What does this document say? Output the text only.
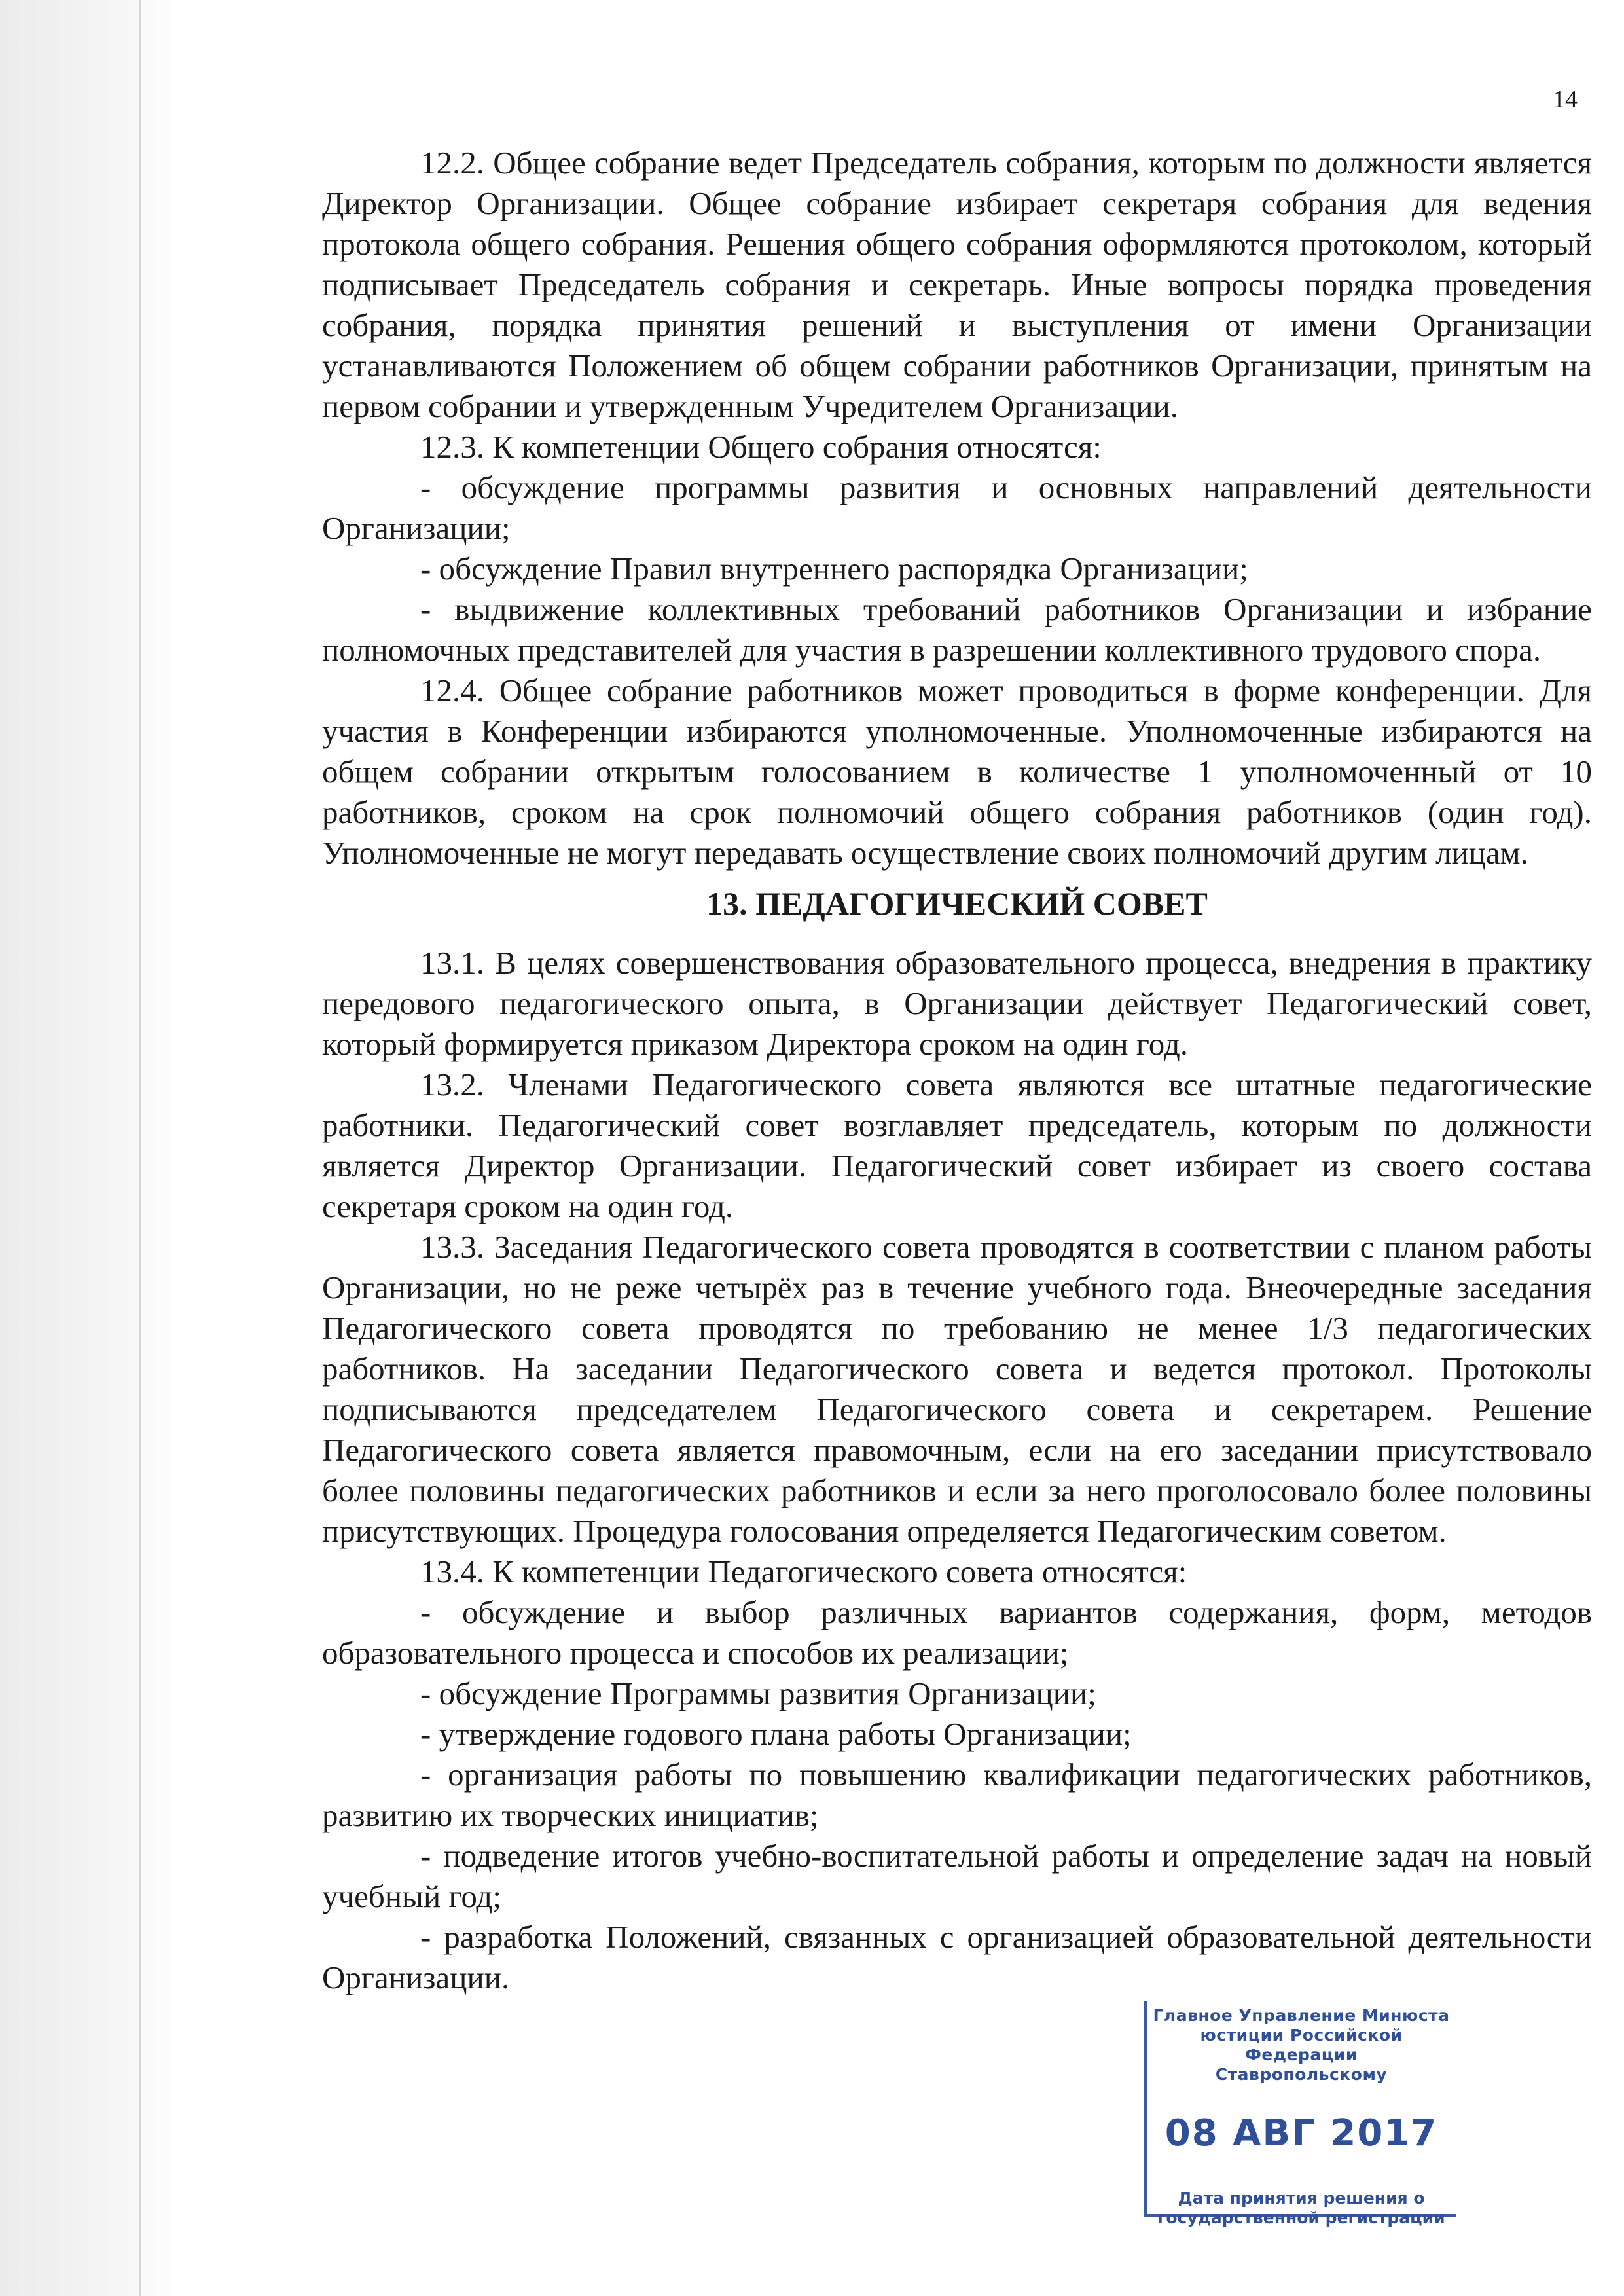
14

12.2. Общее собрание ведет Председатель собрания, которым по должности является Директор Организации. Общее собрание избирает секретаря собрания для ведения протокола общего собрания. Решения общего собрания оформляются протоколом, который подписывает Председатель собрания и секретарь. Иные вопросы порядка проведения собрания, порядка принятия решений и выступления от имени Организации устанавливаются Положением об общем собрании работников Организации, принятым на первом собрании и утвержденным Учредителем Организации.

12.3. К компетенции Общего собрания относятся:

- обсуждение программы развития и основных направлений деятельности Организации;

- обсуждение Правил внутреннего распорядка Организации;

- выдвижение коллективных требований работников Организации и избрание полномочных представителей для участия в разрешении коллективного трудового спора.

12.4. Общее собрание работников может проводиться в форме конференции. Для участия в Конференции избираются уполномоченные. Уполномоченные избираются на общем собрании открытым голосованием в количестве 1 уполномоченный от 10 работников, сроком на срок полномочий общего собрания работников (один год). Уполномоченные не могут передавать осуществление своих полномочий другим лицам.

13. ПЕДАГОГИЧЕСКИЙ СОВЕТ

13.1. В целях совершенствования образовательного процесса, внедрения в практику передового педагогического опыта, в Организации действует Педагогический совет, который формируется приказом Директора сроком на один год.

13.2. Членами Педагогического совета являются все штатные педагогические работники. Педагогический совет возглавляет председатель, которым по должности является Директор Организации. Педагогический совет избирает из своего состава секретаря сроком на один год.

13.3. Заседания Педагогического совета проводятся в соответствии с планом работы Организации, но не реже четырёх раз в течение учебного года. Внеочередные заседания Педагогического совета проводятся по требованию не менее 1/3 педагогических работников. На заседании Педагогического совета и ведется протокол. Протоколы подписываются председателем Педагогического совета и секретарем. Решение Педагогического совета является правомочным, если на его заседании присутствовало более половины педагогических работников и если за него проголосовало более половины присутствующих. Процедура голосования определяется Педагогическим советом.

13.4. К компетенции Педагогического совета относятся:

- обсуждение и выбор различных вариантов содержания, форм, методов образовательного процесса и способов их реализации;

- обсуждение Программы развития Организации;

- утверждение годового плана работы Организации;

- организация работы по повышению квалификации педагогических работников, развитию их творческих инициатив;

- подведение итогов учебно-воспитательной работы и определение задач на новый учебный год;

- разработка Положений, связанных с организацией образовательной деятельности Организации.

Главное Управление Минюста
юстиции Российской Федерации
Ставропольскому
08 АВГ 2017
Дата принятия решения о
государственной регистрации
